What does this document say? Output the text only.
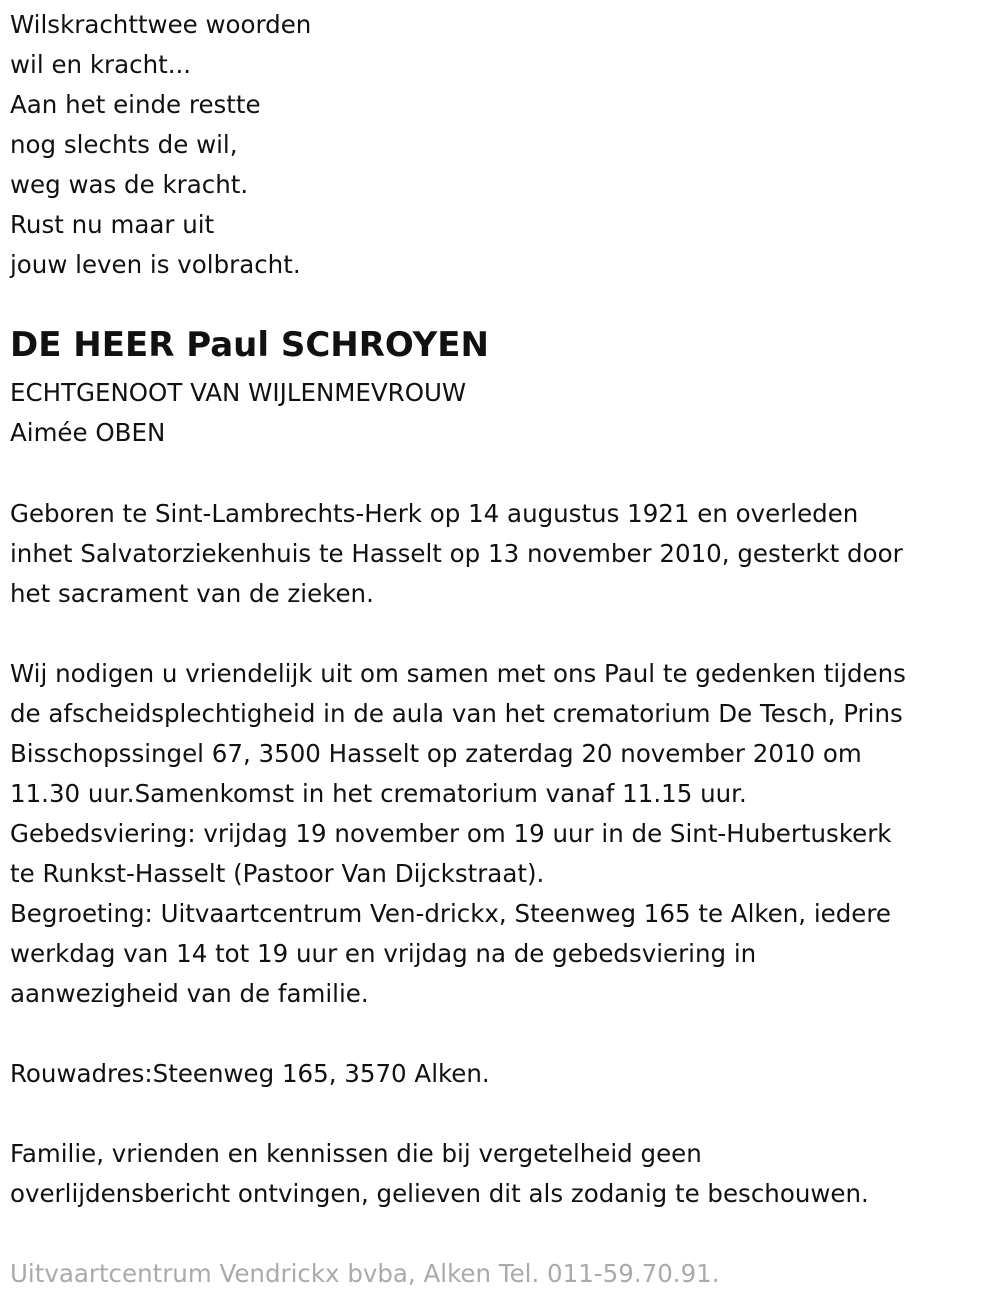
Wilskrachttwee woorden
wil en kracht...
Aan het einde restte
nog slechts de wil,
weg was de kracht.
Rust nu maar uit
jouw leven is volbracht.
DE HEER Paul SCHROYEN
ECHTGENOOT VAN WIJLENMEVROUW
Aimée OBEN
Geboren te Sint-Lambrechts-Herk op 14 augustus 1921 en overleden
inhet Salvatorziekenhuis te Hasselt op 13 november 2010, gesterkt door
het sacrament van de zieken.
Wij nodigen u vriendelijk uit om samen met ons Paul te gedenken tijdens
de afscheidsplechtigheid in de aula van het crematorium De Tesch, Prins
Bisschopssingel 67, 3500 Hasselt op zaterdag 20 november 2010 om
11.30 uur.Samenkomst in het crematorium vanaf 11.15 uur.
Gebedsviering: vrijdag 19 november om 19 uur in de Sint-Hubertuskerk
te Runkst-Hasselt (Pastoor Van Dijckstraat).
Begroeting: Uitvaartcentrum Ven-drickx, Steenweg 165 te Alken, iedere
werkdag van 14 tot 19 uur en vrijdag na de gebedsviering in
aanwezigheid van de familie.
Rouwadres:Steenweg 165, 3570 Alken.
Familie, vrienden en kennissen die bij vergetelheid geen
overlijdensbericht ontvingen, gelieven dit als zodanig te beschouwen.
Uitvaartcentrum Vendrickx bvba, Alken Tel. 011-59.70.91.
